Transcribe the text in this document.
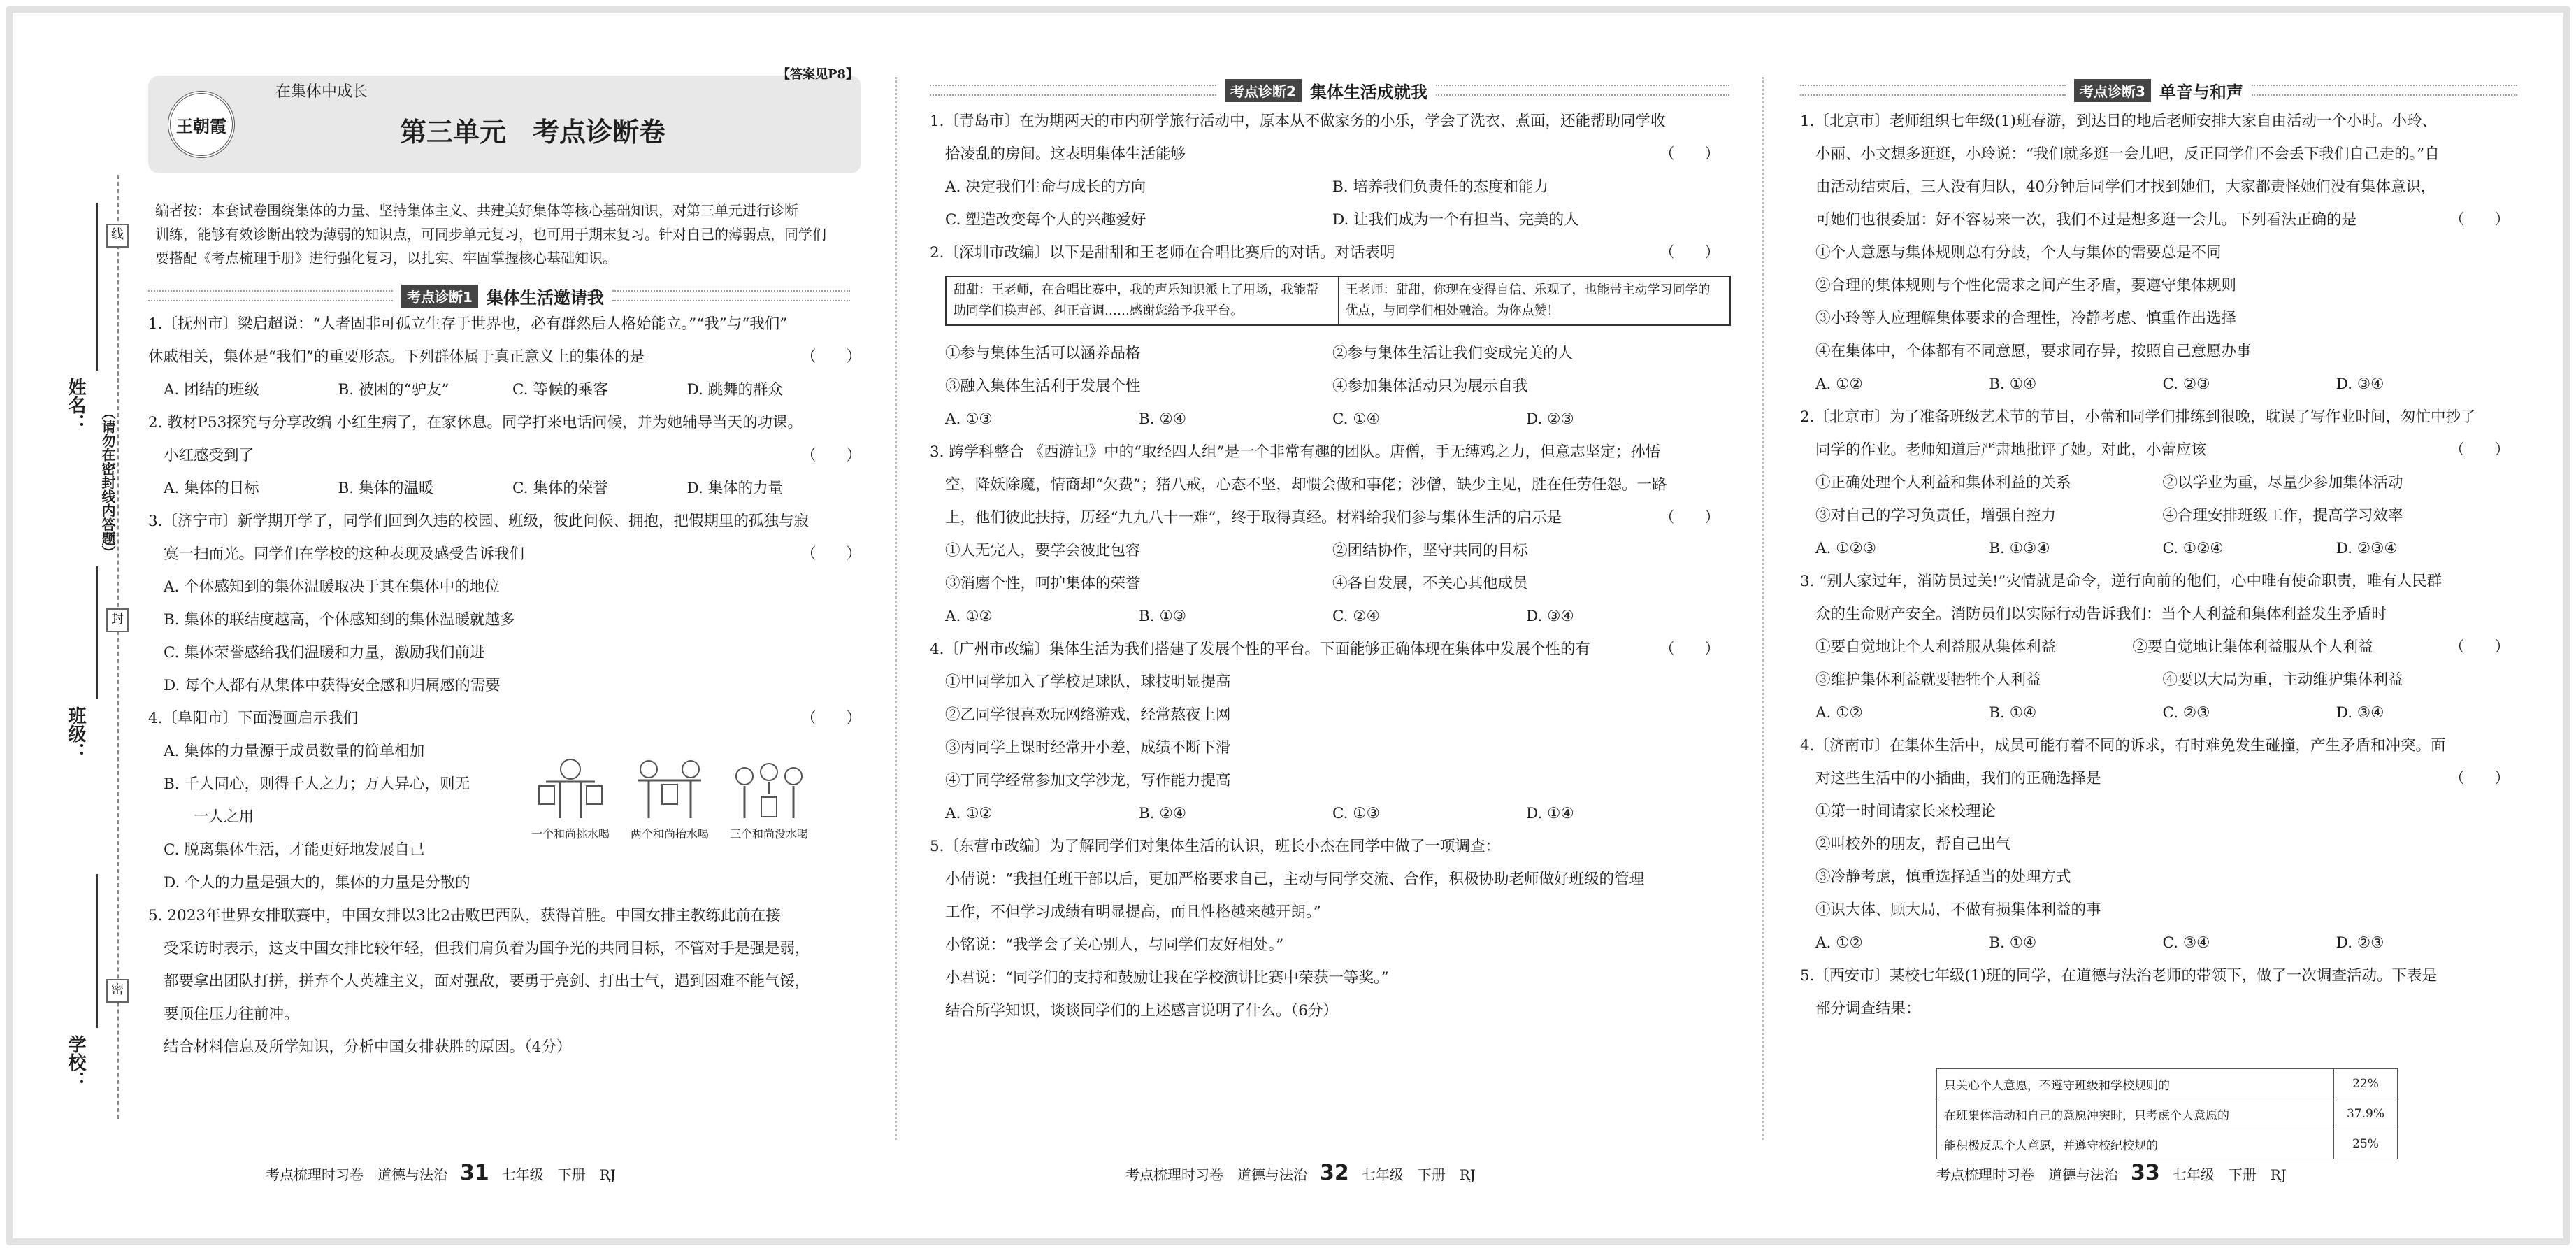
姓名：
班级：
学校：
（请勿在密封线内答题）
线
封
密
王朝霞
在集体中成长
第三单元　考点诊断卷
【答案见P8】
编者按：本套试卷围绕集体的力量、坚持集体主义、共建美好集体等核心基础知识，对第三单元进行诊断
训练，能够有效诊断出较为薄弱的知识点，可同步单元复习，也可用于期末复习。针对自己的薄弱点，同学们
要搭配《考点梳理手册》进行强化复习，以扎实、牢固掌握核心基础知识。
考点诊断1 集体生活邀请我
考点诊断2 集体生活成就我	考点诊断3 单音与和声

1.〔抚州市〕梁启超说：“人者固非可孤立生存于世界也，必有群然后人格始能立。”“我”与“我们”

（　　）
休戚相关，集体是“我们”的重要形态。下列群体属于真正意义上的集体的是

A. 团结的班级	B. 被困的“驴友”	C. 等候的乘客	D. 跳舞的群众

2. 教材P53探究与分享改编 小红生病了，在家休息。同学打来电话问候，并为她辅导当天的功课。

（　　）
小红感受到了

A. 集体的目标	B. 集体的温暖	C. 集体的荣誉	D. 集体的力量

3.〔济宁市〕新学期开学了，同学们回到久违的校园、班级，彼此问候、拥抱，把假期里的孤独与寂

（　　）
寞一扫而光。同学们在学校的这种表现及感受告诉我们

A. 个体感知到的集体温暖取决于其在集体中的地位

B. 集体的联结度越高，个体感知到的集体温暖就越多

C. 集体荣誉感给我们温暖和力量，激励我们前进

D. 每个人都有从集体中获得安全感和归属感的需要

（　　）
4.〔阜阳市〕下面漫画启示我们

A. 集体的力量源于成员数量的简单相加

B. 千人同心，则得千人之力；万人异心，则无

　　一人之用

C. 脱离集体生活，才能更好地发展自己

D. 个人的力量是强大的，集体的力量是分散的

5. 2023年世界女排联赛中，中国女排以3比2击败巴西队，获得首胜。中国女排主教练此前在接

受采访时表示，这支中国女排比较年轻，但我们肩负着为国争光的共同目标，不管对手是强是弱，

都要拿出团队打拼，拼弃个人英雄主义，面对强敌，要勇于亮剑、打出士气，遇到困难不能气馁，

要顶住压力往前冲。

结合材料信息及所学知识，分析中国女排获胜的原因。（4分）

一个和尚挑水喝 两个和尚抬水喝 三个和尚没水喝

1.〔青岛市〕在为期两天的市内研学旅行活动中，原本从不做家务的小乐，学会了洗衣、煮面，还能帮助同学收

（　　）
拾凌乱的房间。这表明集体生活能够

A. 决定我们生命与成长的方向	B. 培养我们负责任的态度和能力

C. 塑造改变每个人的兴趣爱好	D. 让我们成为一个有担当、完美的人

（　　）
2.〔深圳市改编〕以下是甜甜和王老师在合唱比赛后的对话。对话表明

甜甜：王老师，在合唱比赛中，我的声乐知识派上了用场，我能帮助同学们换声部、纠正音调……感谢您给予我平台。
王老师：甜甜，你现在变得自信、乐观了，也能带主动学习同学的优点，与同学们相处融洽。为你点赞！

①参与集体生活可以涵养品格	②参与集体生活让我们变成完美的人

③融入集体生活利于发展个性	④参加集体活动只为展示自我

A. ①③	B. ②④	C. ①④	D. ②③

3. 跨学科整合 《西游记》中的“取经四人组”是一个非常有趣的团队。唐僧，手无缚鸡之力，但意志坚定；孙悟

空，降妖除魔，情商却“欠费”；猪八戒，心态不坚，却惯会做和事佬；沙僧，缺少主见，胜在任劳任怨。一路

（　　）
上，他们彼此扶持，历经“九九八十一难”，终于取得真经。材料给我们参与集体生活的启示是

①人无完人，要学会彼此包容	②团结协作，坚守共同的目标

③消磨个性，呵护集体的荣誉	④各自发展，不关心其他成员

A. ①②	B. ①③	C. ②④	D. ③④

（　　）
4.〔广州市改编〕集体生活为我们搭建了发展个性的平台。下面能够正确体现在集体中发展个性的有

①甲同学加入了学校足球队，球技明显提高

②乙同学很喜欢玩网络游戏，经常熬夜上网

③丙同学上课时经常开小差，成绩不断下滑

④丁同学经常参加文学沙龙，写作能力提高

A. ①②	B. ②④	C. ①③	D. ①④

5.〔东营市改编〕为了解同学们对集体生活的认识，班长小杰在同学中做了一项调查：

小倩说：“我担任班干部以后，更加严格要求自己，主动与同学交流、合作，积极协助老师做好班级的管理

工作，不但学习成绩有明显提高，而且性格越来越开朗。”

小铭说：“我学会了关心别人，与同学们友好相处。”

小君说：“同学们的支持和鼓励让我在学校演讲比赛中荣获一等奖。”

结合所学知识，谈谈同学们的上述感言说明了什么。（6分）

1.〔北京市〕老师组织七年级(1)班春游，到达目的地后老师安排大家自由活动一个小时。小玲、

小丽、小文想多逛逛，小玲说：“我们就多逛一会儿吧，反正同学们不会丢下我们自己走的。”自

由活动结束后，三人没有归队，40分钟后同学们才找到她们，大家都责怪她们没有集体意识，

（　　）
可她们也很委屈：好不容易来一次，我们不过是想多逛一会儿。下列看法正确的是

①个人意愿与集体规则总有分歧，个人与集体的需要总是不同

②合理的集体规则与个性化需求之间产生矛盾，要遵守集体规则

③小玲等人应理解集体要求的合理性，冷静考虑、慎重作出选择

④在集体中，个体都有不同意愿，要求同存异，按照自己意愿办事

A. ①②	B. ①④	C. ②③	D. ③④

2.〔北京市〕为了准备班级艺术节的节目，小蕾和同学们排练到很晚，耽误了写作业时间，匆忙中抄了

（　　）
同学的作业。老师知道后严肃地批评了她。对此，小蕾应该

①正确处理个人利益和集体利益的关系	②以学业为重，尽量少参加集体活动

③对自己的学习负责任，增强自控力	④合理安排班级工作，提高学习效率

A. ①②③	B. ①③④	C. ①②④	D. ②③④

3. “别人家过年，消防员过关!”灾情就是命令，逆行向前的他们，心中唯有使命职责，唯有人民群

众的生命财产安全。消防员们以实际行动告诉我们：当个人利益和集体利益发生矛盾时

（　　）

①要自觉地让个人利益服从集体利益	②要自觉地让集体利益服从个人利益

③维护集体利益就要牺牲个人利益	④要以大局为重，主动维护集体利益

A. ①②	B. ①④	C. ②③	D. ③④

4.〔济南市〕在集体生活中，成员可能有着不同的诉求，有时难免发生碰撞，产生矛盾和冲突。面

（　　）
对这些生活中的小插曲，我们的正确选择是

①第一时间请家长来校理论

②叫校外的朋友，帮自己出气

③冷静考虑，慎重选择适当的处理方式

④识大体、顾大局，不做有损集体利益的事

A. ①②	B. ①④	C. ③④	D. ②③

5.〔西安市〕某校七年级(1)班的同学，在道德与法治老师的带领下，做了一次调查活动。下表是

部分调查结果：

只关心个人意愿，不遵守班级和学校规则的	22%
在班集体活动和自己的意愿冲突时，只考虑个人意愿的	37.9%
能积极反思个人意愿，并遵守校纪校规的	25%
考点梳理时习卷　道德与法治 31 七年级　下册　RJ	考点梳理时习卷　道德与法治 32 七年级　下册　RJ	考点梳理时习卷　道德与法治 33 七年级　下册　RJ
